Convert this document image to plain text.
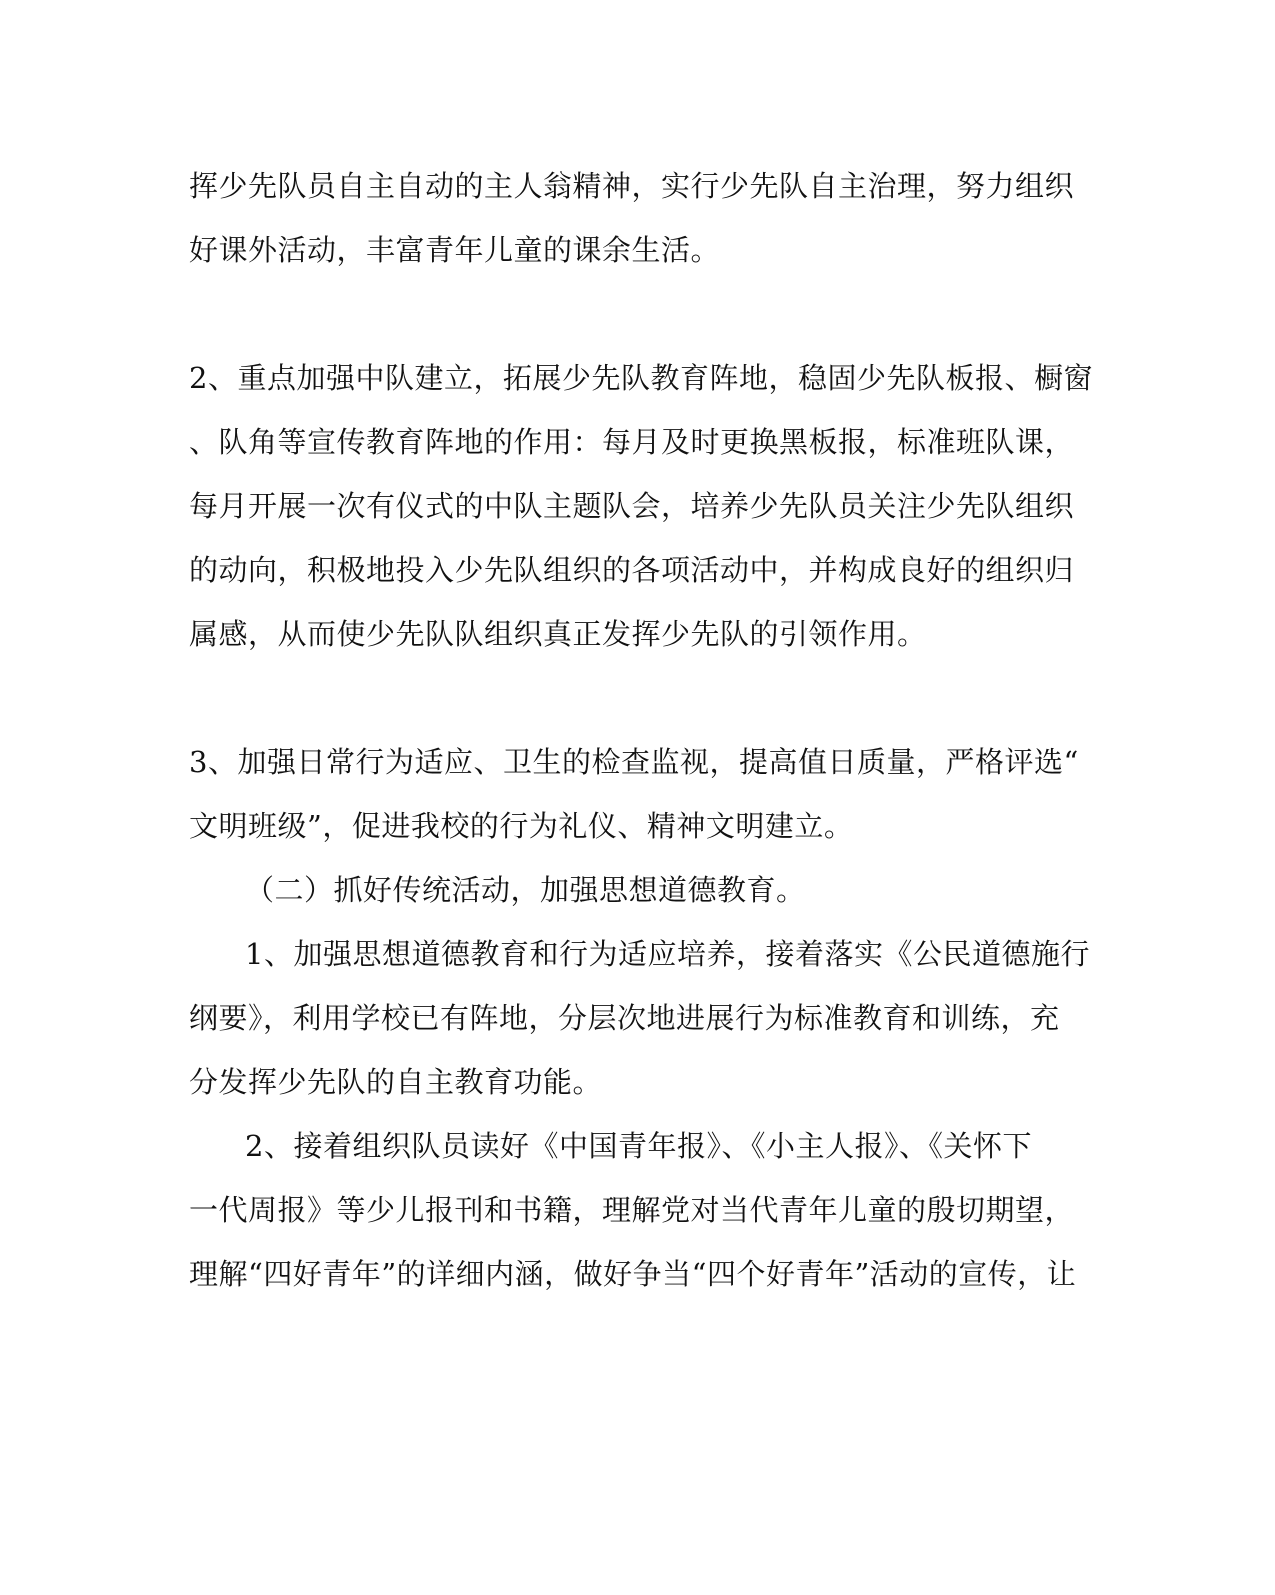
挥少先队员自主自动的主人翁精神，实行少先队自主治理，努力组织
好课外活动，丰富青年儿童的课余生活。
2、重点加强中队建立，拓展少先队教育阵地，稳固少先队板报、橱窗
、队角等宣传教育阵地的作用：每月及时更换黑板报，标准班队课，
每月开展一次有仪式的中队主题队会，培养少先队员关注少先队组织
的动向，积极地投入少先队组织的各项活动中，并构成良好的组织归
属感，从而使少先队队组织真正发挥少先队的引领作用。
3、加强日常行为适应、卫生的检查监视，提高值日质量，严格评选“
文明班级”，促进我校的行为礼仪、精神文明建立。
（二）抓好传统活动，加强思想道德教育。
1、加强思想道德教育和行为适应培养，接着落实《公民道德施行
纲要》，利用学校已有阵地，分层次地进展行为标准教育和训练，充
分发挥少先队的自主教育功能。
2、接着组织队员读好《中国青年报》、《小主人报》、《关怀下
一代周报》等少儿报刊和书籍，理解党对当代青年儿童的殷切期望，
理解“四好青年”的详细内涵，做好争当“四个好青年”活动的宣传，让
